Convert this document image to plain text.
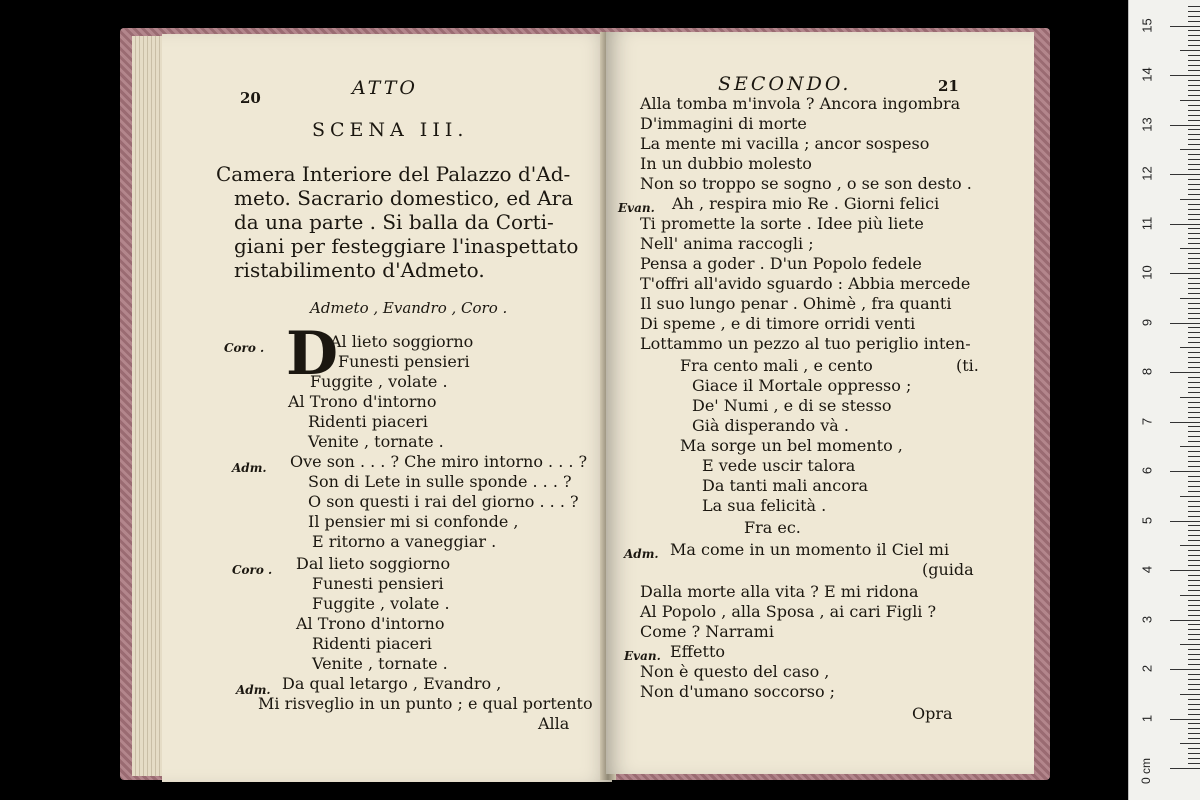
0 cm
1
2
3
4
5
6
7
8
9
10
11
12
13
14
15
20	ATTO
SCENA III.
Camera Interiore del Palazzo d'Ad-
meto. Sacrario domestico, ed Ara
da una parte . Si balla da Corti-
giani per festeggiare l'inaspettato
ristabilimento d'Admeto.
Admeto , Evandro , Coro .
Coro . D
Al lieto soggiorno
Funesti pensieri
Fuggite , volate .
Al Trono d'intorno
Ridenti piaceri
Venite , tornate .
Adm. Ove son . . . ? Che miro intorno . . . ?
Son di Lete in sulle sponde . . . ?
O son questi i rai del giorno . . . ?
Il pensier mi si confonde ,
E ritorno a vaneggiar .
Coro . Dal lieto soggiorno
Funesti pensieri
Fuggite , volate .
Al Trono d'intorno
Ridenti piaceri
Venite , tornate .
Adm. Da qual letargo , Evandro ,
Mi risveglio in un punto ; e qual portento
Alla
SECONDO.	21
Alla tomba m'invola ? Ancora ingombra
D'immagini di morte
La mente mi vacilla ; ancor sospeso
In un dubbio molesto
Non so troppo se sogno , o se son desto .
Evan. Ah , respira mio Re . Giorni felici
Ti promette la sorte . Idee più liete
Nell' anima raccogli ;
Pensa a goder . D'un Popolo fedele
T'offri all'avido sguardo : Abbia mercede
Il suo lungo penar . Ohimè , fra quanti
Di speme , e di timore orridi venti
Lottammo un pezzo al tuo periglio inten-
Fra cento mali , e cento	(ti.
Giace il Mortale oppresso ;
De' Numi , e di se stesso
Già disperando và .
Ma sorge un bel momento ,
E vede uscir talora
Da tanti mali ancora
La sua felicità .
Fra ec.
Adm. Ma come in un momento il Ciel mi
(guida
Dalla morte alla vita ? E mi ridona
Al Popolo , alla Sposa , ai cari Figli ?
Come ? Narrami
Evan. Effetto
Non è questo del caso ,
Non d'umano soccorso ;
Opra
